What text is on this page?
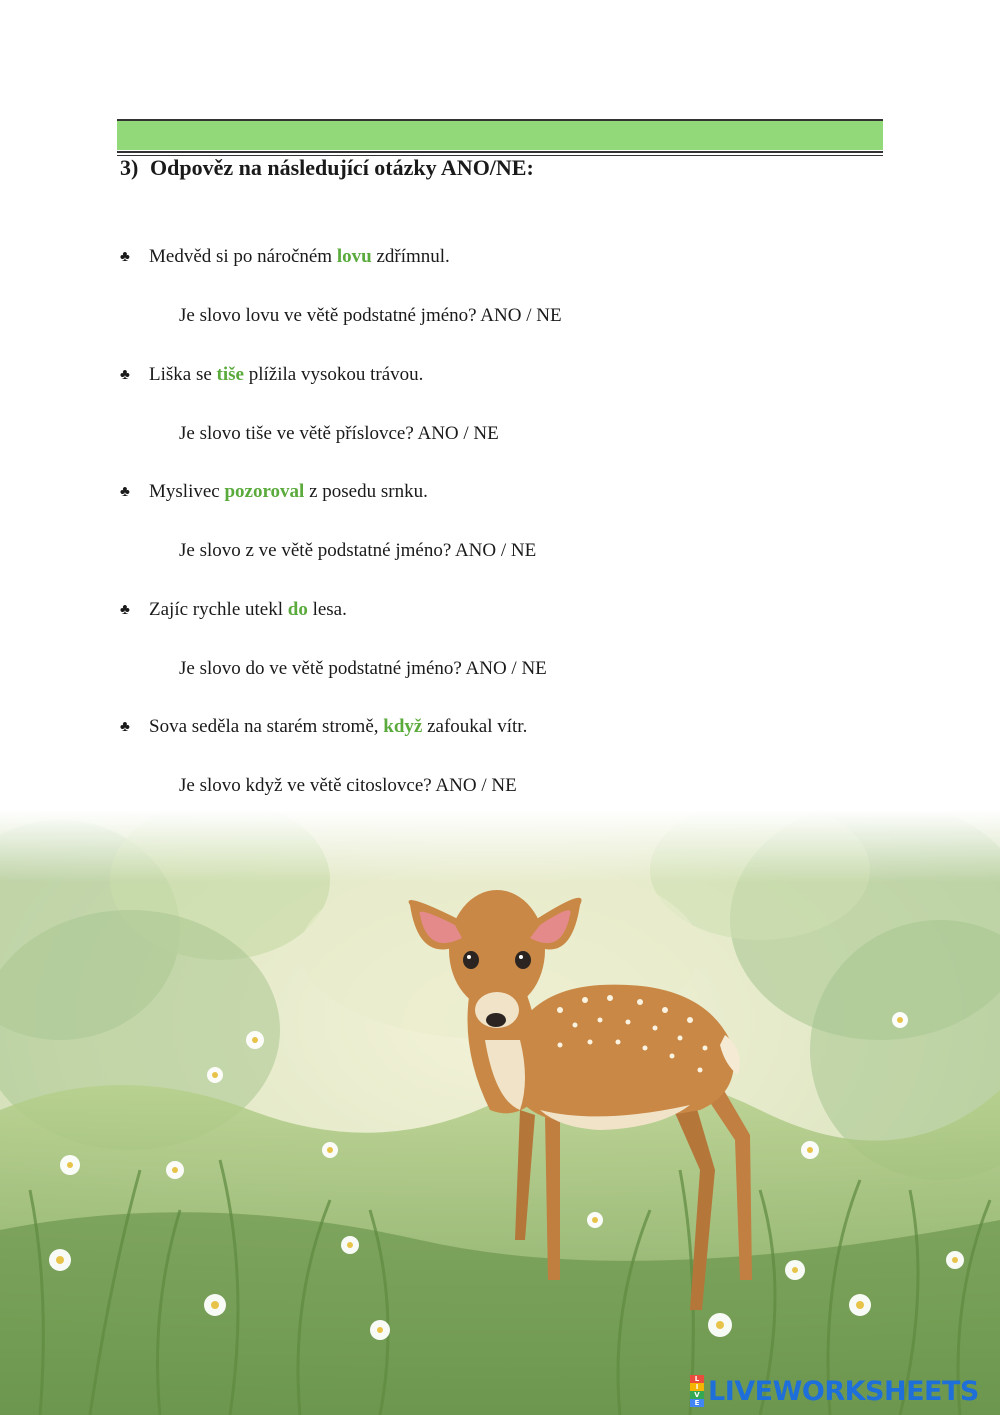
3) Odpověz na následující otázky ANO/NE:
♣ Medvěd si po náročném lovu zdřímnul.
Je slovo lovu ve větě podstatné jméno? ANO / NE
♣ Liška se tiše plížila vysokou trávou.
Je slovo tiše ve větě příslovce? ANO / NE
♣ Myslivec pozoroval z posedu srnku.
Je slovo z ve větě podstatné jméno? ANO / NE
♣ Zajíc rychle utekl do lesa.
Je slovo do ve větě podstatné jméno? ANO / NE
♣ Sova seděla na starém stromě, když zafoukal vítr.
Je slovo když ve větě citoslovce? ANO / NE
L
I
V
E LIVEWORKSHEETS
